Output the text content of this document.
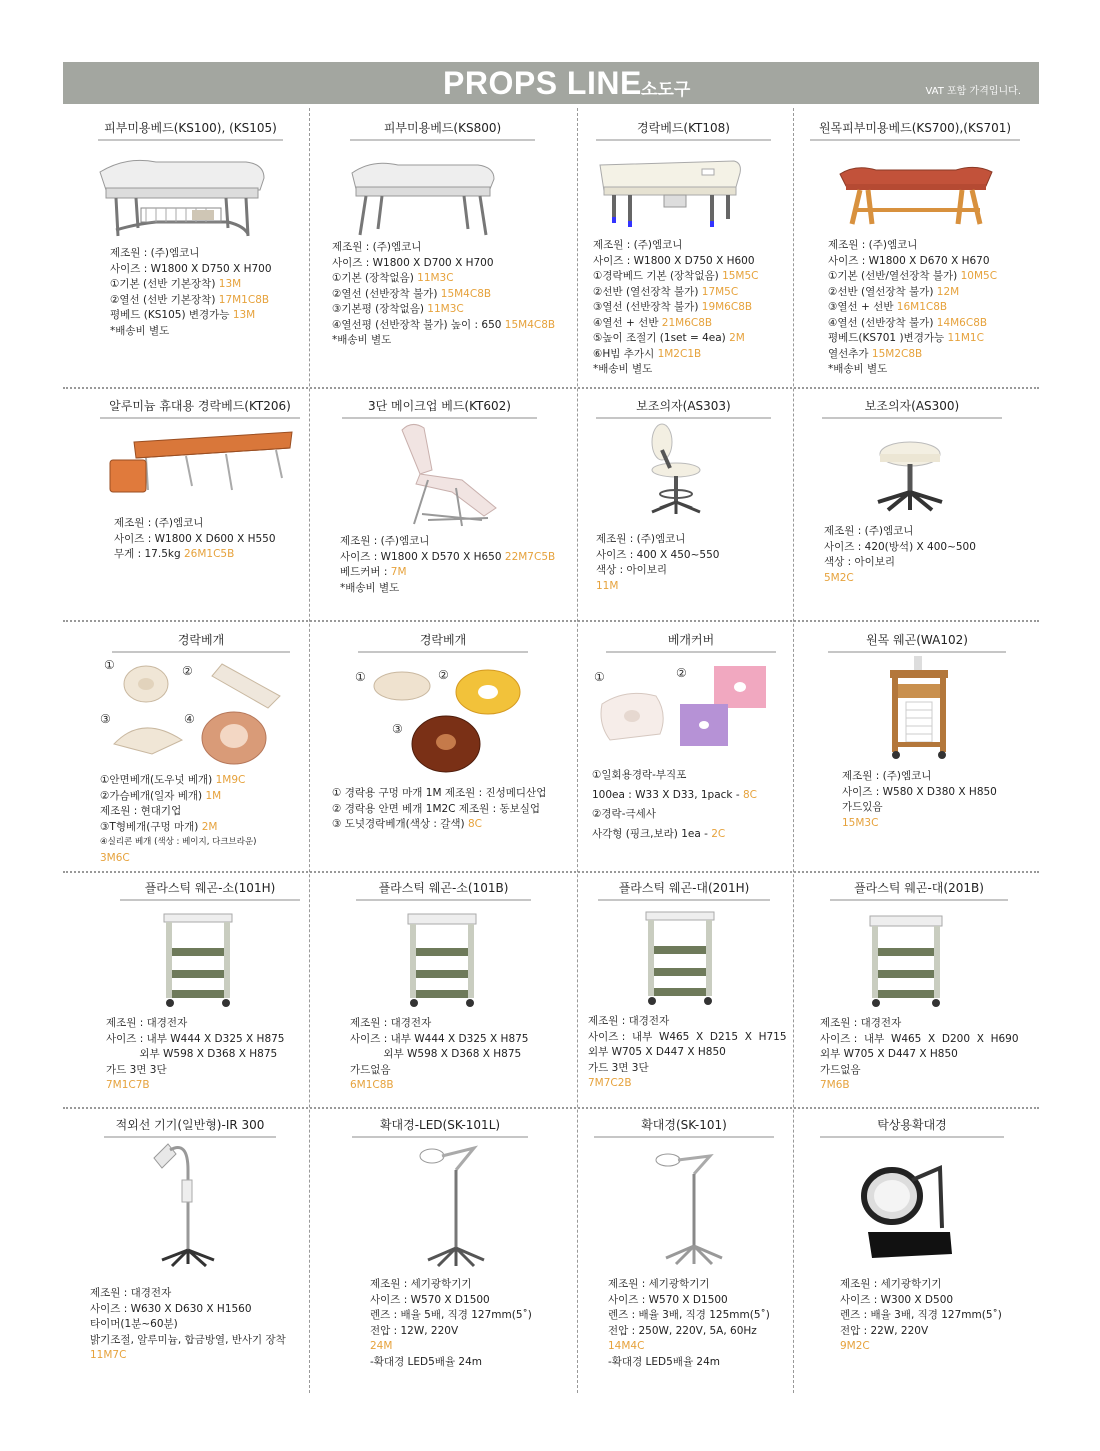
PROPS LINE 소도구	VAT 포함 가격입니다.
피부미용베드(KS100), (KS105)	피부미용베드(KS800)	경락베드(KT108)	원목피부미용베드(KS700),(KS701)
제조원 : (주)엠코니
사이즈 : W1800 X D750 X H700
①기본 (선반 기본장착) 13M
②열선 (선반 기본장착) 17M1C8B
평베드 (KS105) 변경가능 13M
*배송비 별도
제조원 : (주)엠코니
사이즈 : W1800 X D700 X H700
①기본 (장착없음) 11M3C
②열선 (선반장착 불가) 15M4C8B
③기본평 (장착없음) 11M3C
④열선평 (선반장착 불가) 높이 : 650 15M4C8B
*배송비 별도
제조원 : (주)엠코니
사이즈 : W1800 X D750 X H600
①경락베드 기본 (장착없음) 15M5C
②선반 (열선장착 불가) 17M5C
③열선 (선반장착 불가) 19M6C8B
④열선 + 선반 21M6C8B
⑤높이 조절기 (1set = 4ea) 2M
⑥H빔 추가시 1M2C1B
*배송비 별도
제조원 : (주)엠코니
사이즈 : W1800 X D670 X H670
①기본 (선반/열선장착 불가) 10M5C
②선반 (열선장착 불가) 12M
③열선 + 선반 16M1C8B
④열선 (선반장착 불가) 14M6C8B
평베드(KS701 )변경가능 11M1C
열선추가 15M2C8B
*배송비 별도
알루미늄 휴대용 경락베드(KT206)	3단 메이크업 베드(KT602)	보조의자(AS303)	보조의자(AS300)
제조원 : (주)엠코니
사이즈 : W1800 X D600 X H550
무게 : 17.5kg 26M1C5B
제조원 : (주)엠코니
사이즈 : W1800 X D570 X H650 22M7C5B
베드커버 : 7M
*배송비 별도
제조원 : (주)엠코니
사이즈 : 400 X 450~550
색상 : 아이보리
11M
제조원 : (주)엠코니
사이즈 : 420(방석) X 400~500
색상 : 아이보리
5M2C
경락베개	경락베개	베개커버	원목 웨곤(WA102)
①	②
③	④
①	②
③
①	②
①안면베개(도우넛 베개) 1M9C
②가슴베개(일자 베개) 1M
제조원 : 현대기업
③T형베개(구멍 마개) 2M
④실리콘 베개 (색상 : 베이지, 다크브라운)
3M6C
① 경락용 구멍 마개 1M 제조원 : 진성메디산업
② 경락용 안면 베개 1M2C 제조원 : 동보실업
③ 도넛경락베개(색상 : 갈색) 8C
①일회용경락-부직포
100ea : W33 X D33, 1pack - 8C
②경락-극세사
사각형 (핑크,보라) 1ea - 2C
제조원 : (주)엠코니
사이즈 : W580 X D380 X H850
가드있음
15M3C
플라스틱 웨곤-소(101H)	플라스틱 웨곤-소(101B)	플라스틱 웨곤-대(201H)	플라스틱 웨곤-대(201B)
제조원 : 대경전자
사이즈 : 내부 W444 X D325 X H875
외부 W598 X D368 X H875
가드 3면 3단
7M1C7B
제조원 : 대경전자
사이즈 : 내부 W444 X D325 X H875
외부 W598 X D368 X H875
가드없음
6M1C8B
제조원 : 대경전자
사이즈 :  내부  W465  X  D215  X  H715
외부 W705 X D447 X H850
가드 3면 3단
7M7C2B
제조원 : 대경전자
사이즈 :  내부  W465  X  D200  X  H690
외부 W705 X D447 X H850
가드없음
7M6B
적외선 기기(일반형)-IR 300	확대경-LED(SK-101L)	확대경(SK-101)	탁상용확대경
제조원 : 대경전자
사이즈 : W630 X D630 X H1560
타이머(1분~60분)
밝기조절, 알루미늄, 합금방열, 반사기 장착
11M7C
제조원 : 세기광학기기
사이즈 : W570 X D1500
렌즈 : 배율 5배, 직경 127mm(5˚)
전압 : 12W, 220V
24M
-확대경 LED5배율 24m
제조원 : 세기광학기기
사이즈 : W570 X D1500
렌즈 : 배율 3배, 직경 125mm(5˚)
전압 : 250W, 220V, 5A, 60Hz
14M4C
-확대경 LED5배율 24m
제조원 : 세기광학기기
사이즈 : W300 X D500
렌즈 : 배율 3배, 직경 127mm(5˚)
전압 : 22W, 220V
9M2C
